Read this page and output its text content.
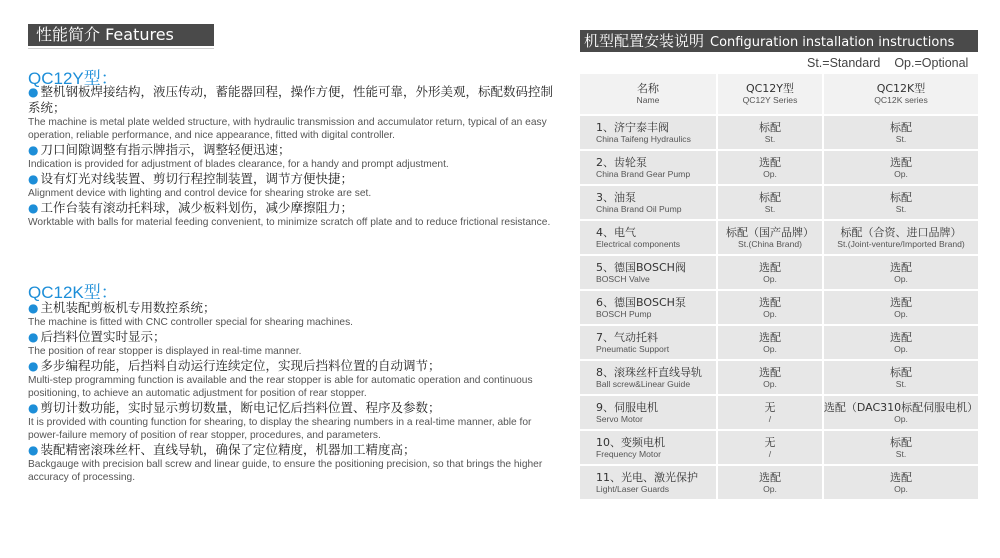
性能简介 Features
QC12Y型：
● 整机钢板焊接结构，液压传动，蓄能器回程，操作方便，性能可靠，外形美观，标配数码控制系统；
The machine is metal plate welded structure, with hydraulic transmission and accumulator return, typical of an easy operation, reliable performance, and nice appearance, fitted with digital controller.
● 刀口间隙调整有指示牌指示，调整轻便迅速；
Indication is provided for adjustment of blades clearance, for a handy and prompt adjustment.
● 设有灯光对线装置、剪切行程控制装置，调节方便快捷；
Alignment device with lighting and control device for shearing stroke are set.
● 工作台装有滚动托料球，减少板料划伤，减少摩擦阻力；
Worktable with balls for material feeding convenient, to minimize scratch off plate and to reduce frictional resistance.
QC12K型：
● 主机装配剪板机专用数控系统；
The machine is fitted with CNC controller special for shearing machines.
● 后挡料位置实时显示；
The position of rear stopper is displayed in real-time manner.
● 多步编程功能，后挡料自动运行连续定位，实现后挡料位置的自动调节；
Multi-step programming function is available and the rear stopper is able for automatic operation and continuous positioning, to achieve an automatic adjustment for position of rear stopper.
● 剪切计数功能，实时显示剪切数量，断电记忆后挡料位置、程序及参数；
It is provided with counting function for shearing, to display the shearing numbers in a real-time manner, able for power-failure memory of position of rear stopper, procedures, and parameters.
● 装配精密滚珠丝杆、直线导轨，确保了定位精度，机器加工精度高；
Backgauge with precision ball screw and linear guide, to ensure the positioning precision, so that brings the higher accuracy of processing.
机型配置安装说明 Configuration installation instructions
St.=Standard Op.=Optional
名称
Name
QC12Y型
QC12Y Series
QC12K型
QC12K series
1、济宁泰丰阀
China Taifeng Hydraulics
标配
St.
标配
St.
2、齿轮泵
China Brand Gear Pump
选配
Op.
选配
Op.
3、油泵
China Brand Oil Pump
标配
St.
标配
St.
4、电气
Electrical components
标配（国产品牌）
St.(China Brand)
标配（合资、进口品牌）
St.(Joint-venture/Imported Brand)
5、德国BOSCH阀
BOSCH Valve
选配
Op.
选配
Op.
6、德国BOSCH泵
BOSCH Pump
选配
Op.
选配
Op.
7、气动托料
Pneumatic Support
选配
Op.
选配
Op.
8、滚珠丝杆直线导轨
Ball screw&Linear Guide
选配
Op.
标配
St.
9、伺服电机
Servo Motor
无
/
选配（DAC310标配伺服电机）
Op.
10、变频电机
Frequency Motor
无
/
标配
St.
11、光电、激光保护
Light/Laser Guards
选配
Op.
选配
Op.
